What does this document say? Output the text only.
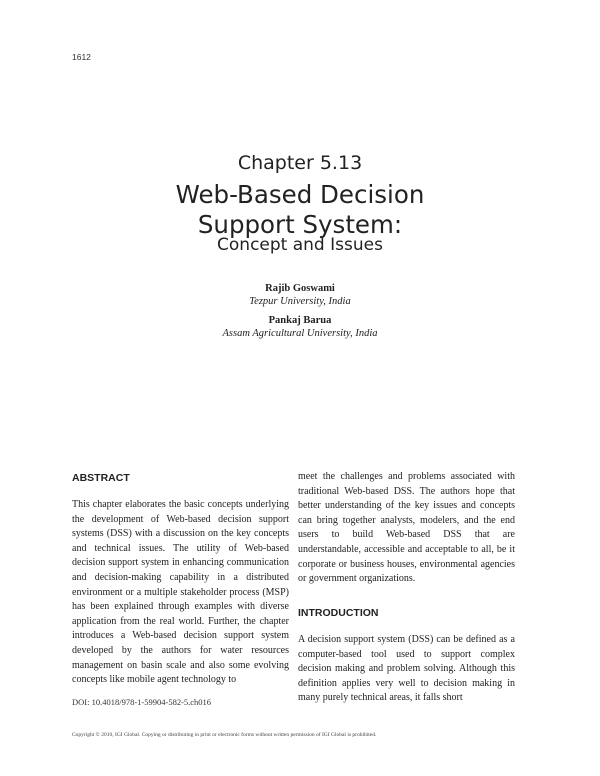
1612
Chapter 5.13
Web-Based Decision
Support System:
Concept and Issues
Rajib Goswami
Tezpur University, India
Pankaj Barua
Assam Agricultural University, India
ABSTRACT
This chapter elaborates the basic concepts underlying the development of Web-based decision support systems (DSS) with a discussion on the key concepts and technical issues. The utility of Web-based decision support system in enhancing communication and decision-making capability in a distributed environment or a multiple stakeholder process (MSP) has been explained through examples with diverse application from the real world. Further, the chapter introduces a Web-based decision support system developed by the authors for water resources management on basin scale and also some evolving concepts like mobile agent technology to
meet the challenges and problems associated with traditional Web-based DSS. The authors hope that better understanding of the key issues and concepts can bring together analysts, modelers, and the end users to build Web-based DSS that are understandable, accessible and acceptable to all, be it corporate or business houses, environmental agencies or government organizations.
INTRODUCTION
A decision support system (DSS) can be defined as a computer-based tool used to support complex decision making and problem solving. Although this definition applies very well to decision making in many purely technical areas, it falls short
DOI: 10.4018/978-1-59904-582-5.ch016
Copyright © 2010, IGI Global. Copying or distributing in print or electronic forms without written permission of IGI Global is prohibited.
